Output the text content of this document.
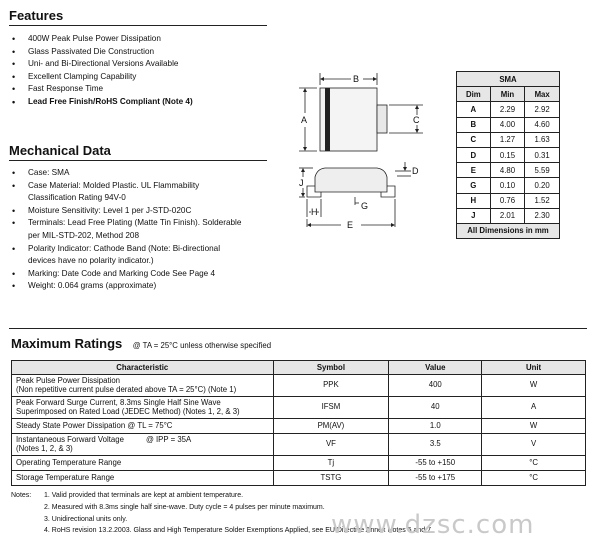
Features
• 400W Peak Pulse Power Dissipation
• Glass Passivated Die Construction
• Uni- and Bi-Directional Versions Available
• Excellent Clamping Capability
• Fast Response Time
• Lead Free Finish/RoHS Compliant (Note 4)
Mechanical Data
• Case: SMA
• Case Material: Molded Plastic. UL Flammability Classification Rating 94V-0
• Moisture Sensitivity: Level 1 per J-STD-020C
• Terminals: Lead Free Plating (Matte Tin Finish). Solderable per MIL-STD-202, Method 208
• Polarity Indicator: Cathode Band (Note: Bi-directional devices have no polarity indicator.)
• Marking: Date Code and Marking Code See Page 4
• Weight: 0.064 grams (approximate)
B
A	C
D
J
H
G
E
SMA		
Dim	Min	Max
A	2.29	2.92
B	4.00	4.60
C	1.27	1.63
D	0.15	0.31
E	4.80	5.59
G	0.10	0.20
H	0.76	1.52
J	2.01	2.30
All Dimensions in mm		
Maximum Ratings @ TA = 25°C unless otherwise specified
Characteristic	Symbol	Value	Unit

Peak Pulse Power Dissipation
(Non repetitive current pulse derated above TA = 25°C) (Note 1)	PPK	400	W

Peak Forward Surge Current, 8.3ms Single Half Sine Wave
Superimposed on Rated Load (JEDEC Method) (Notes 1, 2, & 3)	IFSM	40	A
Steady State Power Dissipation @ TL = 75°C	PM(AV)	1.0	W

Instantaneous Forward Voltage @ IPP = 35A
(Notes 1, 2, & 3)	VF	3.5	V
Operating Temperature Range	Tj	-55 to +150	°C
Storage Temperature Range	TSTG	-55 to +175	°C
Notes: 1. Valid provided that terminals are kept at ambient temperature.
2. Measured with 8.3ms single half sine-wave. Duty cycle = 4 pulses per minute maximum.
3. Unidirectional units only.
4. RoHS revision 13.2.2003. Glass and High Temperature Solder Exemptions Applied, see EU Directive Annex Notes 5 and 7.
www.dzsc.com
